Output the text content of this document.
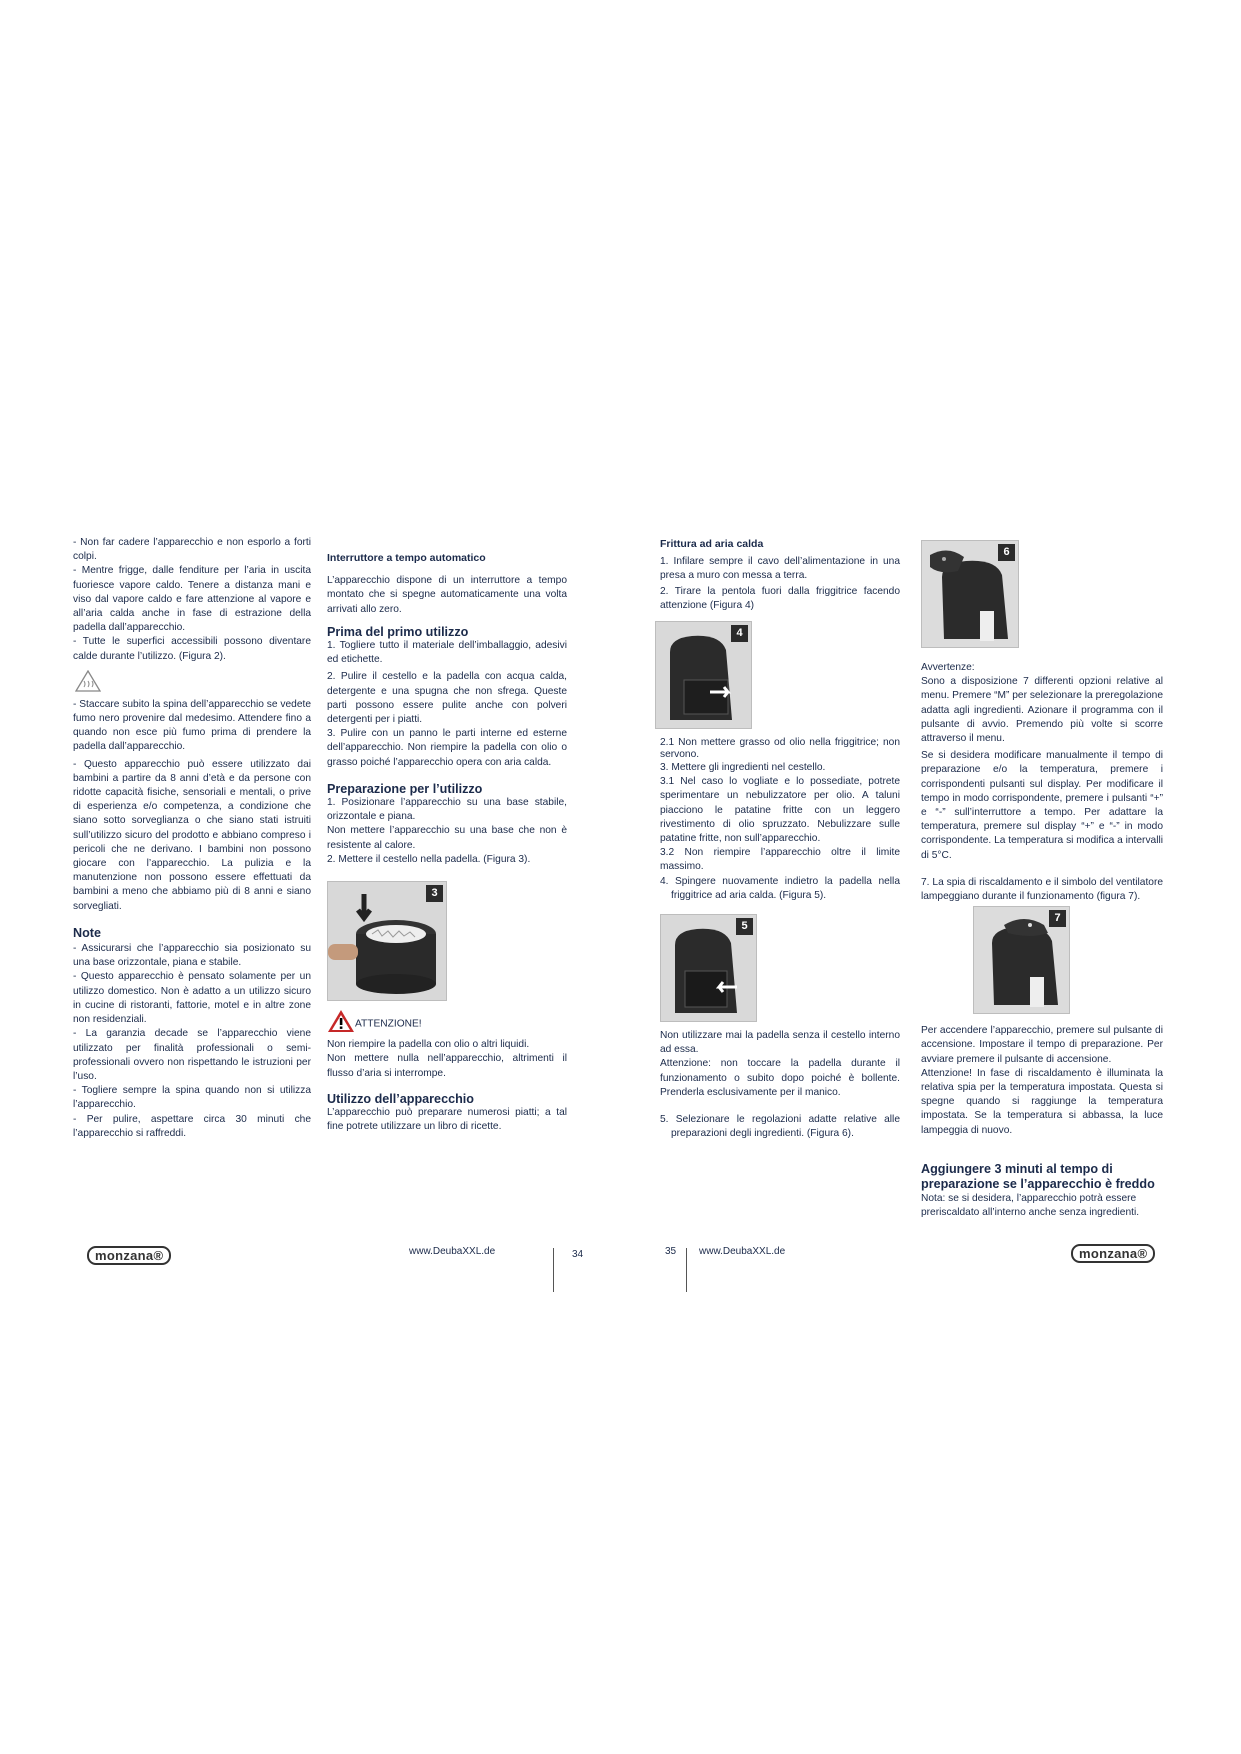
- Non far cadere l’apparecchio e non esporlo a forti colpi.

- Mentre frigge, dalle fenditure per l’aria in uscita fuoriesce vapore caldo. Tenere a distanza mani e viso dal vapore caldo e fare attenzione al vapore e all’aria calda anche in fase di estrazione della padella dall’apparecchio.

- Tutte le superfici accessibili possono diventare calde durante l’utilizzo. (Figura 2).

- Staccare subito la spina dell’apparecchio se vedete fumo nero provenire dal medesimo. Attendere fino a quando non esce più fumo prima di prendere la padella dall’apparecchio.

- Questo apparecchio può essere utilizzato dai bambini a partire da 8 anni d’età e da persone con ridotte capacità fisiche, sensoriali e mentali, o prive di esperienza e/o competenza, a condizione che siano sotto sorveglianza o che siano stati istruiti sull’utilizzo sicuro del prodotto e abbiano compreso i pericoli che ne derivano. I bambini non possono giocare con l’apparecchio. La pulizia e la manutenzione non possono essere effettuati da bambini a meno che abbiamo più di 8 anni e siano sorvegliati.

Note

- Assicurarsi che l’apparecchio sia posizionato su una base orizzontale, piana e stabile.

- Questo apparecchio è pensato solamente per un utilizzo domestico. Non è adatto a un utilizzo sicuro in cucine di ristoranti, fattorie, motel e in altre zone non residenziali.

- La garanzia decade se l’apparecchio viene utilizzato per finalità professionali o semi-professionali ovvero non rispettando le istruzioni per l’uso.

- Togliere sempre la spina quando non si utilizza l’apparecchio.

- Per pulire, aspettare circa 30 minuti che l’apparecchio si raffreddi.

Interruttore a tempo automatico

L’apparecchio dispone di un interruttore a tempo montato che si spegne automaticamente una volta arrivati allo zero.

Prima del primo utilizzo

1. Togliere tutto il materiale dell’imballaggio, adesivi ed etichette.

2. Pulire il cestello e la padella con acqua calda, detergente e una spugna che non sfrega. Queste parti possono essere pulite anche con polveri detergenti per i piatti.

3. Pulire con un panno le parti interne ed esterne dell’apparecchio. Non riempire la padella con olio o grasso poiché l’apparecchio opera con aria calda.

Preparazione per l’utilizzo

1. Posizionare l’apparecchio su una base stabile, orizzontale e piana.

Non mettere l’apparecchio su una base che non è resistente al calore.

2. Mettere il cestello nella padella. (Figura 3).

3
ATTENZIONE!

Non riempire la padella con olio o altri liquidi.

Non mettere nulla nell’apparecchio, altrimenti il flusso d’aria si interrompe.

Utilizzo dell’apparecchio

L’apparecchio può preparare numerosi piatti; a tal fine potrete utilizzare un libro di ricette.

Frittura ad aria calda

1. Infilare sempre il cavo dell’alimentazione in una presa a muro con messa a terra.

2. Tirare la pentola fuori dalla friggitrice facendo attenzione (Figura 4)

4

2.1 Non mettere grasso od olio nella friggitrice; non servono.

3. Mettere gli ingredienti nel cestello.

3.1 Nel caso lo vogliate e lo possediate, potrete sperimentare un nebulizzatore per olio. A taluni piacciono le patatine fritte con un leggero rivestimento di olio spruzzato. Nebulizzare sulle patatine fritte, non sull’apparecchio.

3.2 Non riempire l’apparecchio oltre il limite massimo.

4. Spingere nuovamente indietro la padella nella friggitrice ad aria calda. (Figura 5).

5

Non utilizzare mai la padella senza il cestello interno ad essa.

Attenzione: non toccare la padella durante il funzionamento o subito dopo poiché è bollente. Prenderla esclusivamente per il manico.

5. Selezionare le regolazioni adatte relative alle preparazioni degli ingredienti. (Figura 6).

6

Avvertenze:

Sono a disposizione 7 differenti opzioni relative al menu. Premere “M” per selezionare la preregolazione adatta agli ingredienti. Azionare il programma con il pulsante di avvio. Premendo più volte si scorre attraverso il menu.

Se si desidera modificare manualmente il tempo di preparazione e/o la temperatura, premere i corrispondenti pulsanti sul display. Per modificare il tempo in modo corrispondente, premere i pulsanti “+” e “-” sull’interruttore a tempo. Per adattare la temperatura, premere sul display “+” e “-” in modo corrispondente. La temperatura si modifica a intervalli di 5°C.

7. La spia di riscaldamento e il simbolo del ventilatore lampeggiano durante il funzionamento (figura 7).

7

Per accendere l’apparecchio, premere sul pulsante di accensione. Impostare il tempo di preparazione. Per avviare premere il pulsante di accensione.

Attenzione! In fase di riscaldamento è illuminata la relativa spia per la temperatura impostata. Questa si spegne quando si raggiunge la temperatura impostata. Se la temperatura si abbassa, la luce lampeggia di nuovo.

Aggiungere 3 minuti al tempo di preparazione se l’apparecchio è freddo

Nota: se si desidera, l’apparecchio potrà essere preriscaldato all’interno anche senza ingredienti.

monzana®	www.DeubaXXL.de	34	35 www.DeubaXXL.de	monzana®
